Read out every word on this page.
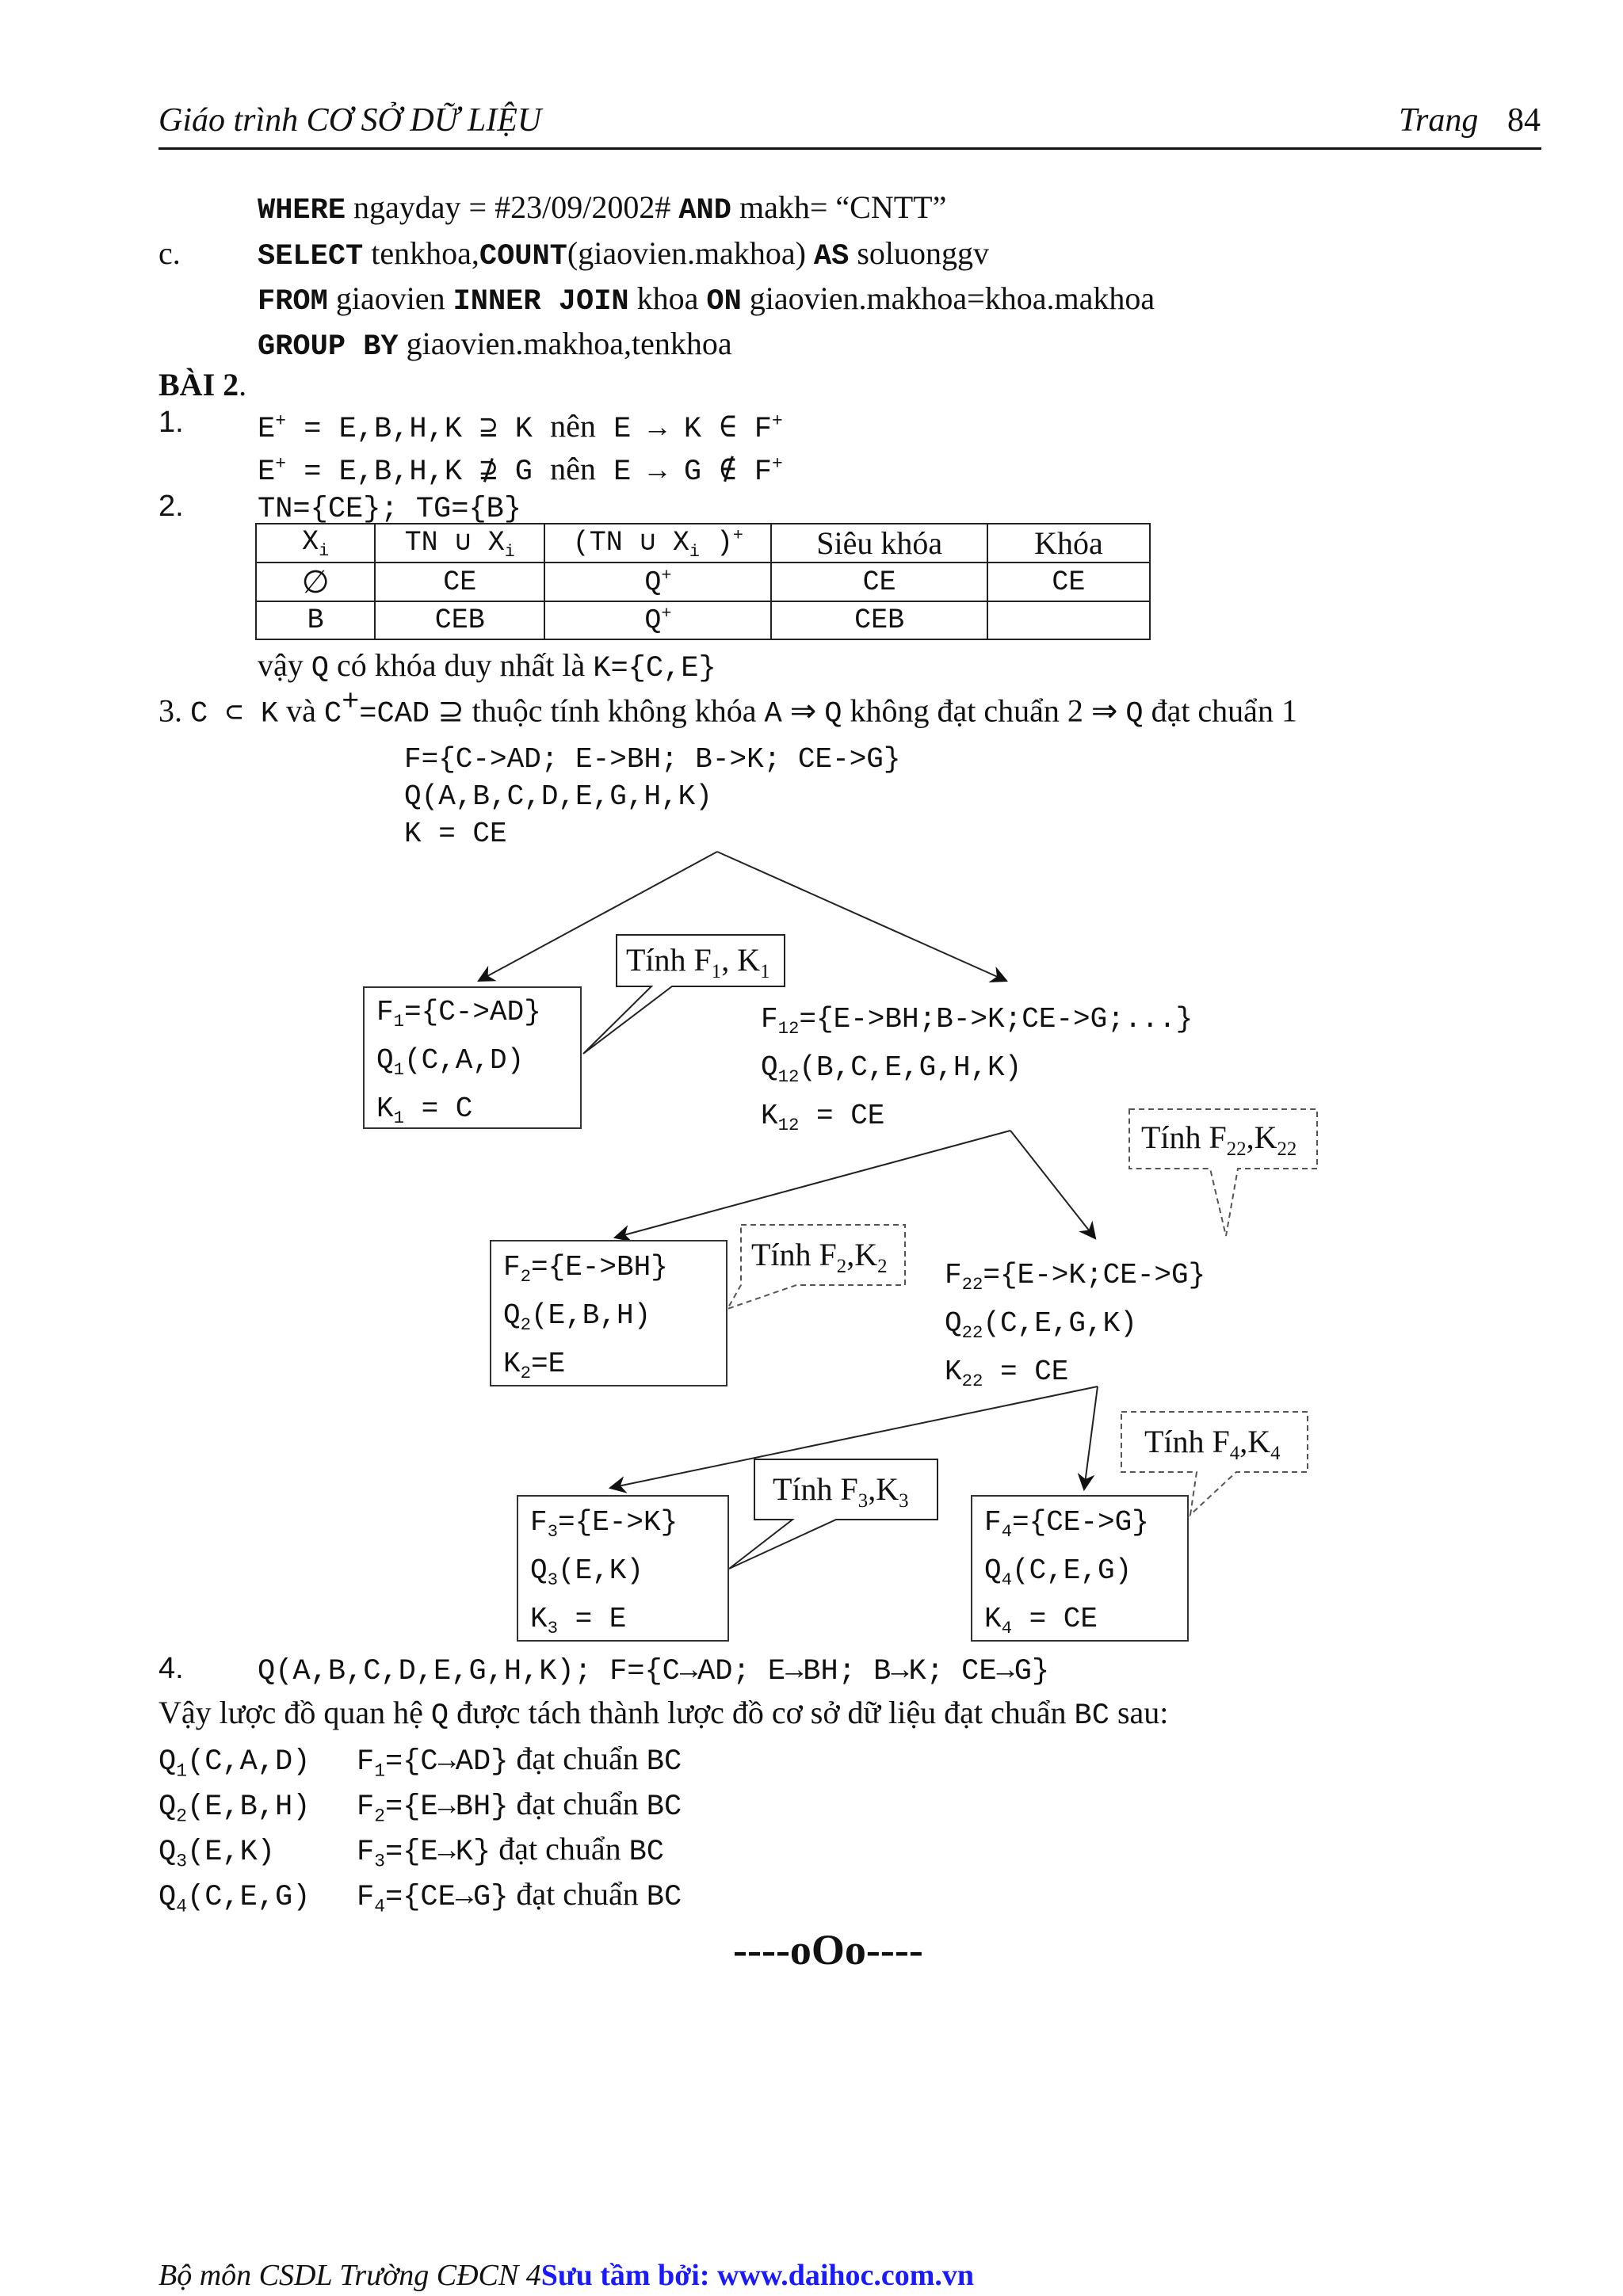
Giáo trình CƠ SỞ DỮ LIỆU	Trang 84
WHERE ngayday = #23/09/2002# AND makh= “CNTT”
c.	SELECT tenkhoa,COUNT(giaovien.makhoa) AS soluonggv
FROM giaovien INNER JOIN khoa ON giaovien.makhoa=khoa.makhoa
GROUP BY giaovien.makhoa,tenkhoa
BÀI 2.
1.	E+ = E,B,H,K ⊇ K nên E → K ∈ F+
E+ = E,B,H,K ⊉ G nên E → G ∉ F+
2.	TN={CE}; TG={B}
$X_i$	TN ∪ $X_i$	(TN ∪ $X_i$ )+	Siêu khóa	Khóa
∅	CE	Q+	CE	CE
B	CEB	Q+	CEB	
vậy Q có khóa duy nhất là K={C,E}
3. C ⊂ K và C+=CAD ⊇ thuộc tính không khóa A ⇒ Q không đạt chuẩn 2 ⇒ Q đạt chuẩn 1
F={C->AD; E->BH; B->K; CE->G}
Q(A,B,C,D,E,G,H,K)
K = CE
Tính $F_1$, $K_1$
Tính $F_{22},K_{22}$
Tính $F_2,K_2$
Tính $F_4,K_4$
Tính $F_3,K_3$
$F_1=\{C->AD\}$
$Q_1(C,A,D)$
$K_1 = C$
$F_{12}=\{E->BH;B->K;CE->G;...\}$
$Q_{12}(B,C,E,G,H,K)$
$K_{12}$ = CE
$F_2=\{E->BH\}$
$Q_2(E,B,H)$
$K_2=E$
$F_{22}=\{E->K;CE->G\}$
$Q_{22}(C,E,G,K)$
$K_{22}$ = CE
$F_3=\{E->K\}$
$Q_3(E,K)$
$K_3 = E$
$F_4=\{CE->G\}$
$Q_4(C,E,G)$
$K_4$ = CE
4.	Q(A,B,C,D,E,G,H,K); F={C→AD; E→BH; B→K; CE→G}
Vậy lược đồ quan hệ Q được tách thành lược đồ cơ sở dữ liệu đạt chuẩn BC sau:
$Q_1(C,A,D)$ $F_1=\{C\to AD\}$ đạt chuẩn BC
$Q_2(E,B,H)$ $F_2=\{E\to BH\}$ đạt chuẩn BC
$Q_3(E,K)$	$F_3=\{E\to K\}$ đạt chuẩn BC
$Q_4(C,E,G)$ $F_4=\{CE\to G\}$ đạt chuẩn BC
----oOo----
Bộ môn CSDL Trường CĐCN 4Sưu tầm bởi: www.daihoc.com.vn
